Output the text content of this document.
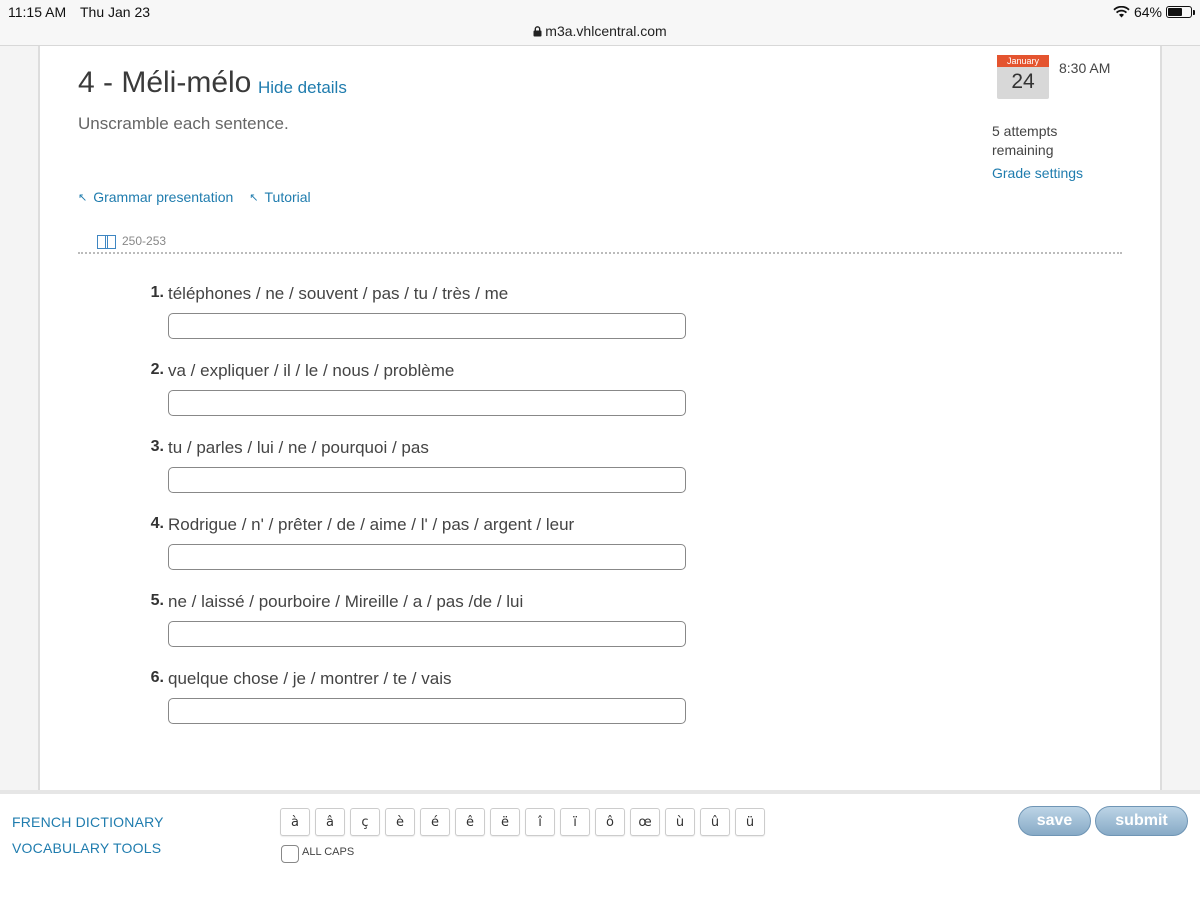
11:15 AM Thu Jan 23	64%
m3a.vhlcentral.com
4 - Méli-mélo Hide details
Unscramble each sentence.
January
24
8:30 AM
5 attempts remaining
Grade settings
↖ Grammar presentation ↖ Tutorial
250-253
1. téléphones / ne / souvent / pas / tu / très / me
2. va / expliquer / il / le / nous / problème
3. tu / parles / lui / ne / pourquoi / pas
4. Rodrigue / n' / prêter / de / aime / l' / pas / argent / leur
5. ne / laissé / pourboire / Mireille / a / pas /de / lui
6. quelque chose / je / montrer / te / vais
FRENCH DICTIONARY
VOCABULARY TOOLS
à	â	ç	è	é	ê	ë	î	ï	ô	œ	ù	û	ü
ALL CAPS
save	submit
